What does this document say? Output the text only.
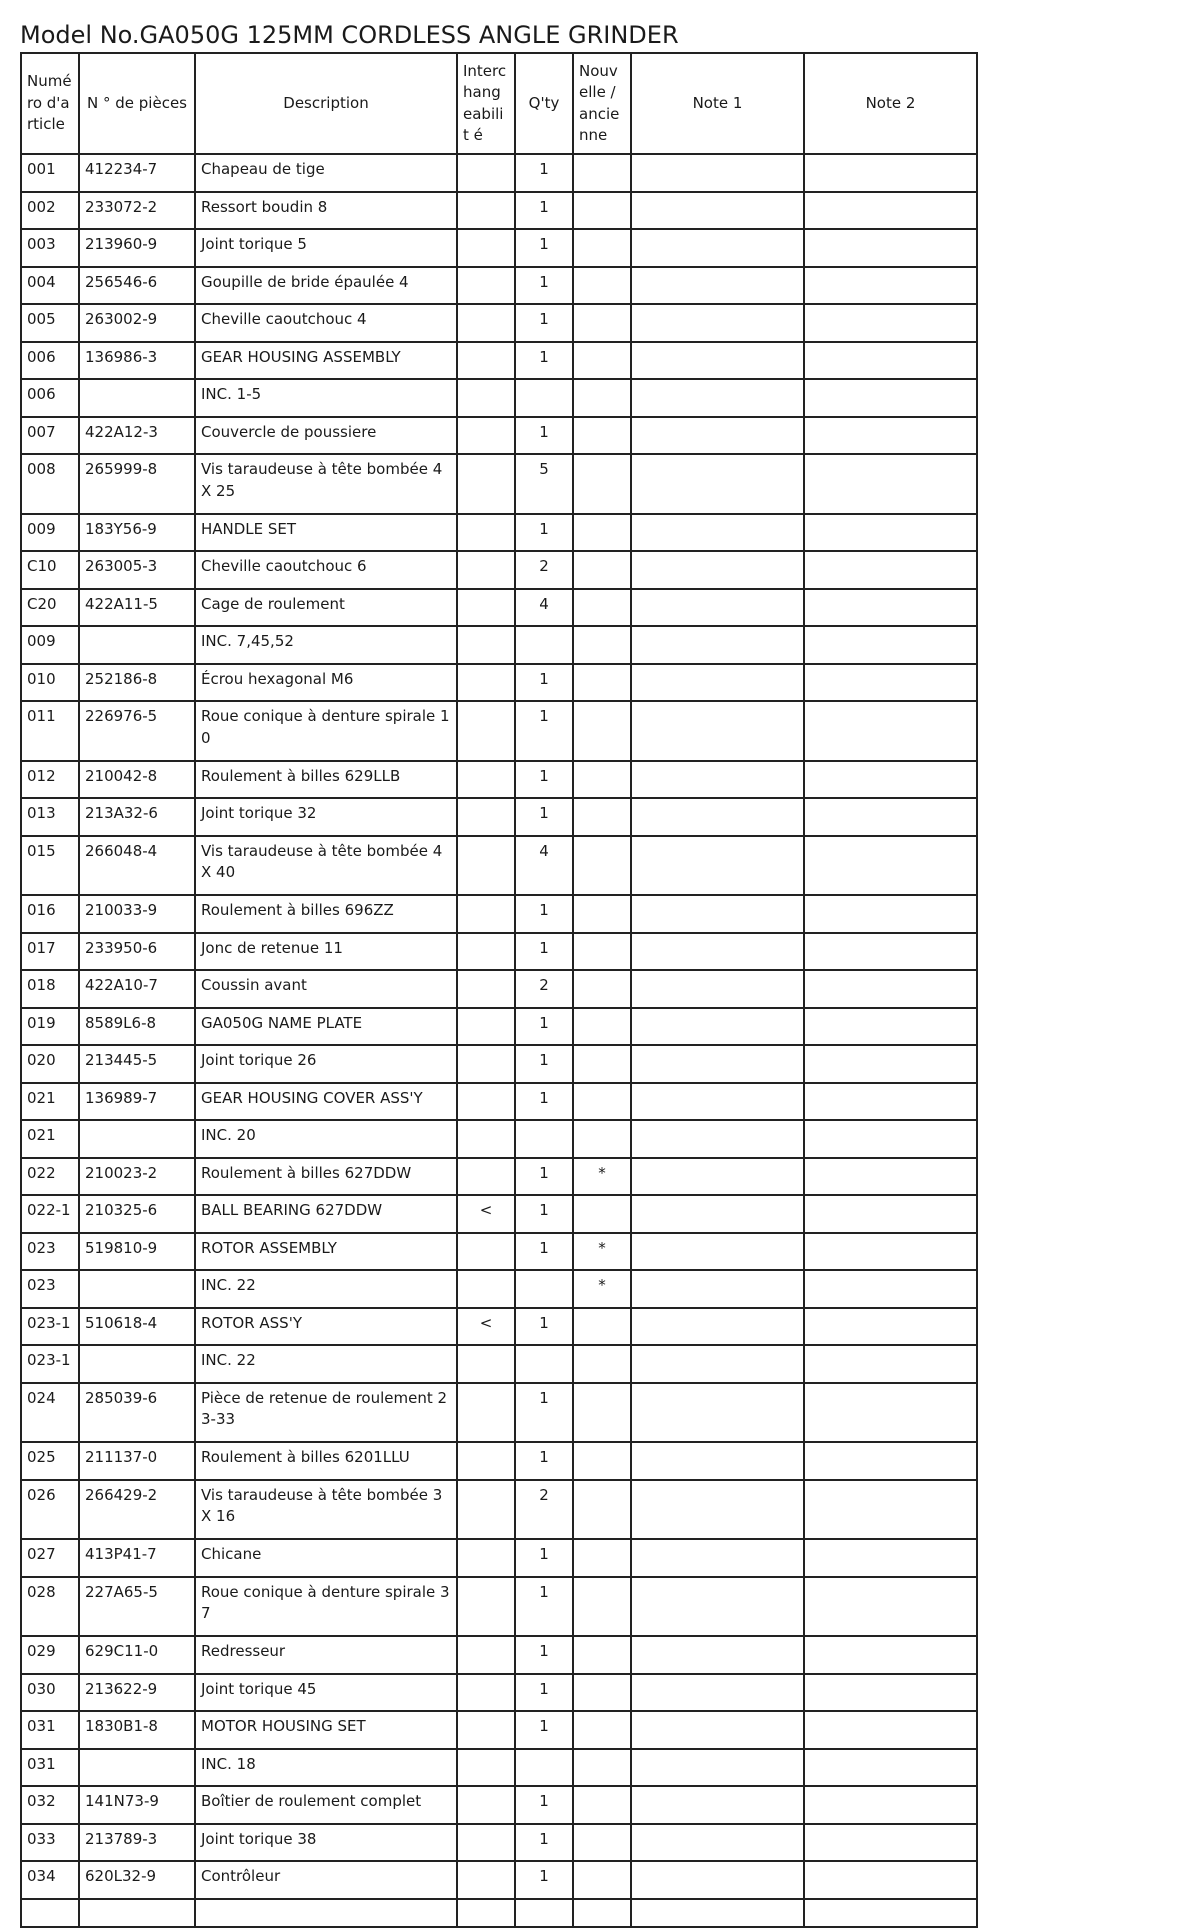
Model No.GA050G 125MM CORDLESS ANGLE GRINDER
Numé ro d'a rticle	N ° de pièces	Description	Interc hang eabilit é	Q'ty	Nouv elle / ancie nne	Note 1	Note 2
001	412234-7	Chapeau de tige		1			
002	233072-2	Ressort boudin 8		1			
003	213960-9	Joint torique 5		1			
004	256546-6	Goupille de bride épaulée 4		1			
005	263002-9	Cheville caoutchouc 4		1			
006	136986-3	GEAR HOUSING ASSEMBLY		1			
006		INC. 1-5					
007	422A12-3	Couvercle de poussiere		1			
008	265999-8	Vis taraudeuse à tête bombée 4X 25		5			
009	183Y56-9	HANDLE SET		1			
C10	263005-3	Cheville caoutchouc 6		2			
C20	422A11-5	Cage de roulement		4			
009		INC. 7,45,52					
010	252186-8	Écrou hexagonal M6		1			
011	226976-5	Roue conique à denture spirale 1 0		1			
012	210042-8	Roulement à billes 629LLB		1			
013	213A32-6	Joint torique 32		1			
015	266048-4	Vis taraudeuse à tête bombée 4X 40		4			
016	210033-9	Roulement à billes 696ZZ		1			
017	233950-6	Jonc de retenue 11		1			
018	422A10-7	Coussin avant		2			
019	8589L6-8	GA050G NAME PLATE		1			
020	213445-5	Joint torique 26		1			
021	136989-7	GEAR HOUSING COVER ASS'Y		1			
021		INC. 20					
022	210023-2	Roulement à billes 627DDW		1	*		
022-1	210325-6	BALL BEARING 627DDW	<	1			
023	519810-9	ROTOR ASSEMBLY		1	*		
023		INC. 22			*		
023-1	510618-4	ROTOR ASS'Y	<	1			
023-1		INC. 22					
024	285039-6	Pièce de retenue de roulement 2 3-33		1			
025	211137-0	Roulement à billes 6201LLU		1			
026	266429-2	Vis taraudeuse à tête bombée 3X 16		2			
027	413P41-7	Chicane		1			
028	227A65-5	Roue conique à denture spirale 3 7		1			
029	629C11-0	Redresseur		1			
030	213622-9	Joint torique 45		1			
031	1830B1-8	MOTOR HOUSING SET		1			
031		INC. 18					
032	141N73-9	Boîtier de roulement complet		1			
033	213789-3	Joint torique 38		1			
034	620L32-9	Contrôleur		1			
